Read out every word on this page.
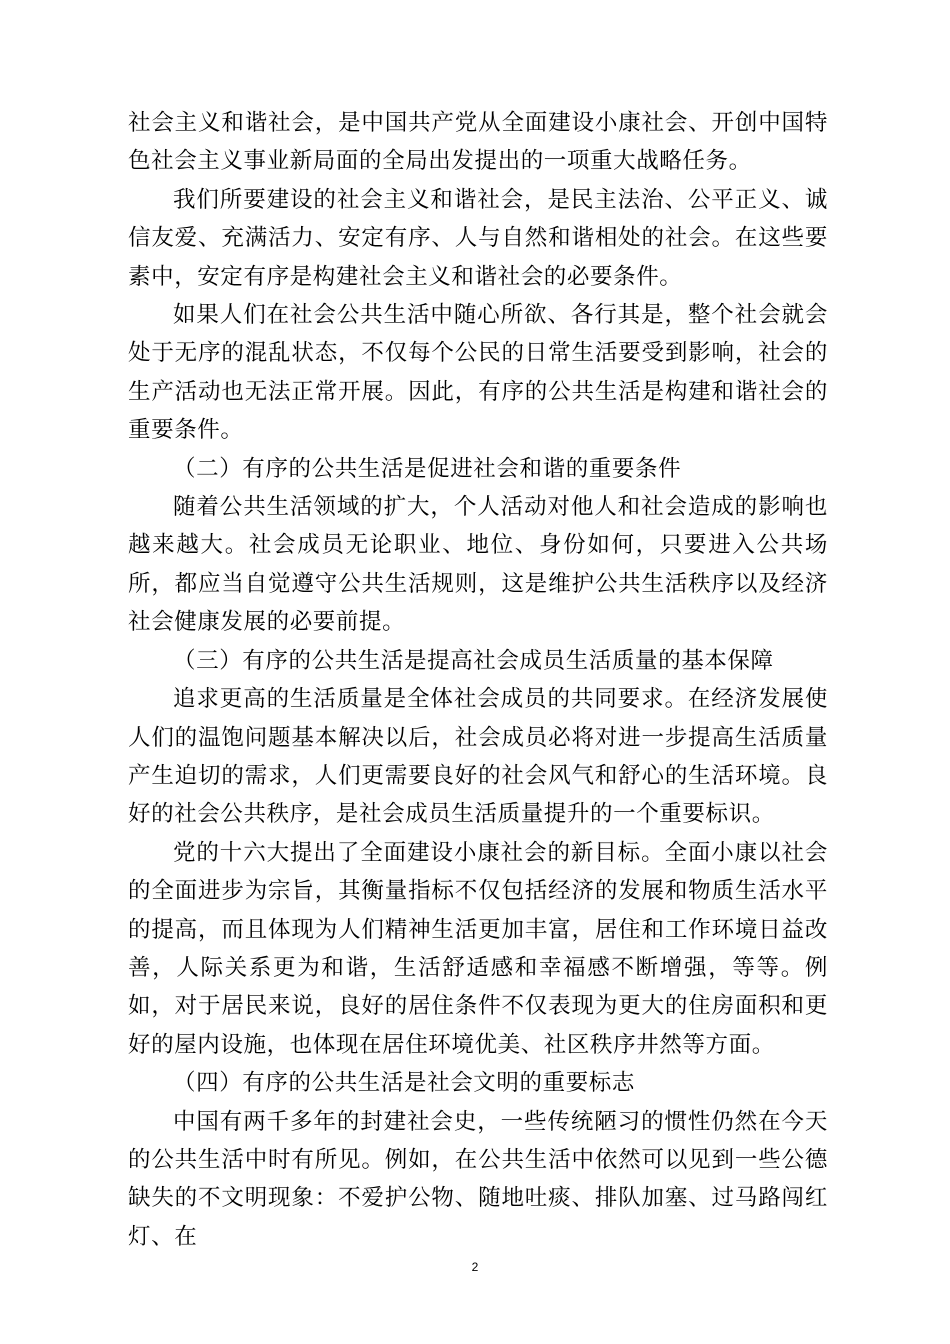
社会主义和谐社会，是中国共产党从全面建设小康社会、开创中国特色社会主义事业新局面的全局出发提出的一项重大战略任务。

我们所要建设的社会主义和谐社会，是民主法治、公平正义、诚信友爱、充满活力、安定有序、人与自然和谐相处的社会。在这些要素中，安定有序是构建社会主义和谐社会的必要条件。

如果人们在社会公共生活中随心所欲、各行其是，整个社会就会处于无序的混乱状态，不仅每个公民的日常生活要受到影响，社会的生产活动也无法正常开展。因此，有序的公共生活是构建和谐社会的重要条件。

（二）有序的公共生活是促进社会和谐的重要条件

随着公共生活领域的扩大，个人活动对他人和社会造成的影响也越来越大。社会成员无论职业、地位、身份如何，只要进入公共场所，都应当自觉遵守公共生活规则，这是维护公共生活秩序以及经济社会健康发展的必要前提。

（三）有序的公共生活是提高社会成员生活质量的基本保障

追求更高的生活质量是全体社会成员的共同要求。在经济发展使人们的温饱问题基本解决以后，社会成员必将对进一步提高生活质量产生迫切的需求，人们更需要良好的社会风气和舒心的生活环境。良好的社会公共秩序，是社会成员生活质量提升的一个重要标识。

党的十六大提出了全面建设小康社会的新目标。全面小康以社会的全面进步为宗旨，其衡量指标不仅包括经济的发展和物质生活水平的提高，而且体现为人们精神生活更加丰富，居住和工作环境日益改善，人际关系更为和谐，生活舒适感和幸福感不断增强，等等。例如，对于居民来说，良好的居住条件不仅表现为更大的住房面积和更好的屋内设施，也体现在居住环境优美、社区秩序井然等方面。

（四）有序的公共生活是社会文明的重要标志

中国有两千多年的封建社会史，一些传统陋习的惯性仍然在今天的公共生活中时有所见。例如，在公共生活中依然可以见到一些公德缺失的不文明现象：不爱护公物、随地吐痰、排队加塞、过马路闯红灯、在

2
